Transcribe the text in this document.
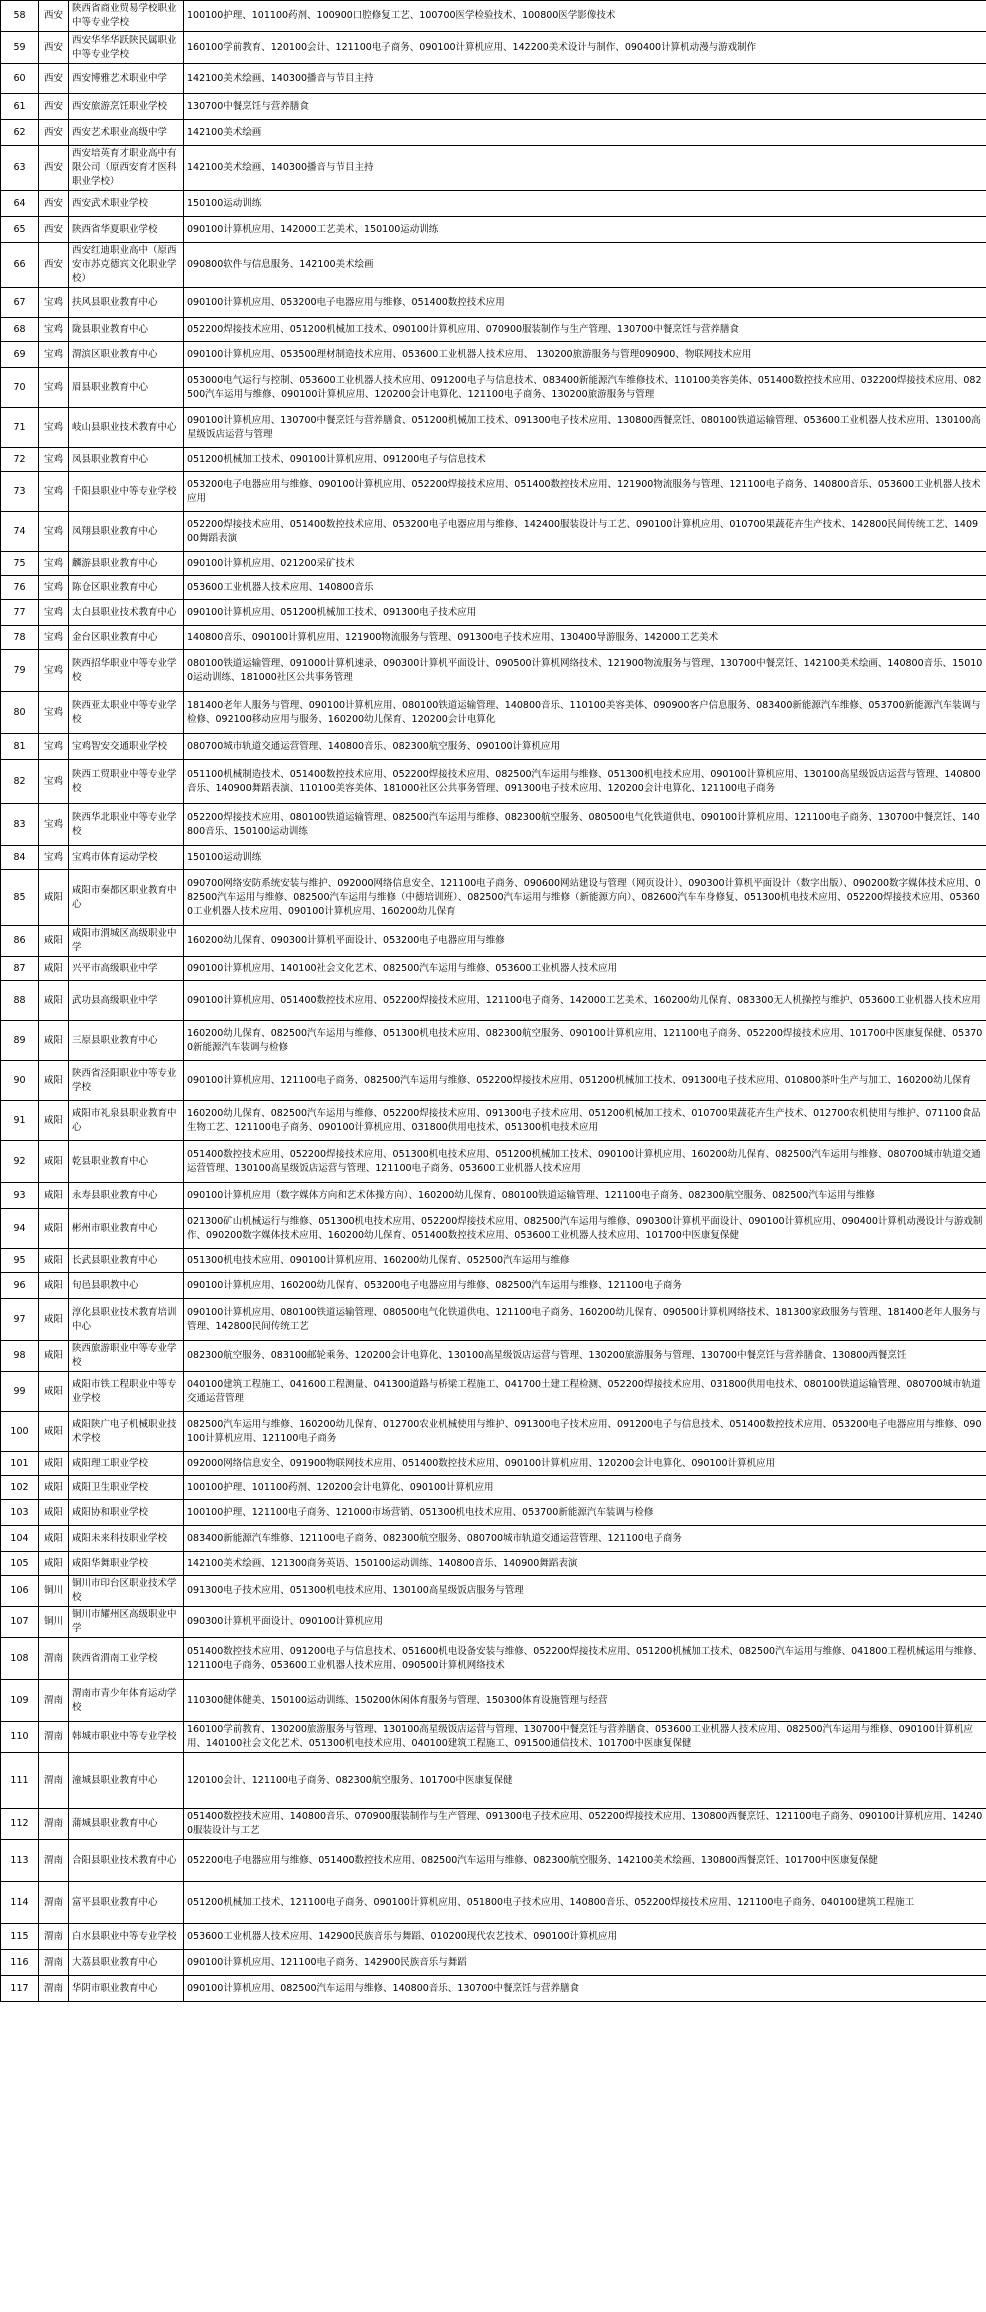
58	西安	陕西省商业贸易学校职业中等专业学校	100100护理、101100药剂、100900口腔修复工艺、100700医学检验技术、100800医学影像技术
59	西安	西安华华华跃陕民属职业中等专业学校	160100学前教育、120100会计、121100电子商务、090100计算机应用、142200美术设计与制作、090400计算机动漫与游戏制作
60	西安	西安博雅艺术职业中学	142100美术绘画、140300播音与节目主持
61	西安	西安旅游烹饪职业学校	130700中餐烹饪与营养膳食
62	西安	西安艺术职业高级中学	142100美术绘画
63	西安	西安培英育才职业高中有限公司（原西安育才医科职业学校）	142100美术绘画、140300播音与节目主持
64	西安	西安武术职业学校	150100运动训练
65	西安	陕西省华夏职业学校	090100计算机应用、142000工艺美术、150100运动训练
66	西安	西安红迪职业高中（原西安市苏克德宾文化职业学校）	090800软件与信息服务、142100美术绘画
67	宝鸡	扶风县职业教育中心	090100计算机应用、053200电子电器应用与维修、051400数控技术应用
68	宝鸡	陇县职业教育中心	052200焊接技术应用、051200机械加工技术、090100计算机应用、070900服装制作与生产管理、130700中餐烹饪与营养膳食
69	宝鸡	渭滨区职业教育中心	090100计算机应用、053500理材制造技术应用、053600工业机器人技术应用、 130200旅游服务与管理090900、物联网技术应用
70	宝鸡	眉县职业教育中心	053000电气运行与控制、053600工业机器人技术应用、091200电子与信息技术、083400新能源汽车维修技术、110100美容美体、051400数控技术应用、032200焊接技术应用、082500汽车运用与维修、090100计算机应用、120200会计电算化、121100电子商务、130200旅游服务与管理
71	宝鸡	岐山县职业技术教育中心	090100计算机应用、130700中餐烹饪与营养膳食、051200机械加工技术、091300电子技术应用、130800西餐烹饪、080100铁道运输管理、053600工业机器人技术应用、130100高星级饭店运营与管理
72	宝鸡	凤县职业教育中心	051200机械加工技术、090100计算机应用、091200电子与信息技术
73	宝鸡	千阳县职业中等专业学校	053200电子电器应用与维修、090100计算机应用、052200焊接技术应用、051400数控技术应用、121900物流服务与管理、121100电子商务、140800音乐、053600工业机器人技术应用
74	宝鸡	凤翔县职业教育中心	052200焊接技术应用、051400数控技术应用、053200电子电器应用与维修、142400服装设计与工艺、090100计算机应用、010700果蔬花卉生产技术、142800民间传统工艺、140900舞蹈表演
75	宝鸡	麟游县职业教育中心	090100计算机应用、021200采矿技术
76	宝鸡	陈仓区职业教育中心	053600工业机器人技术应用、140800音乐
77	宝鸡	太白县职业技术教育中心	090100计算机应用、051200机械加工技术、091300电子技术应用
78	宝鸡	金台区职业教育中心	140800音乐、090100计算机应用、121900物流服务与管理、091300电子技术应用、130400导游服务、142000工艺美术
79	宝鸡	陕西招华职业中等专业学校	080100铁道运输管理、091000计算机速录、090300计算机平面设计、090500计算机网络技术、121900物流服务与管理、130700中餐烹饪、142100美术绘画、140800音乐、150100运动训练、181000社区公共事务管理
80	宝鸡	陕西亚太职业中等专业学校	181400老年人服务与管理、090100计算机应用、080100铁道运输管理、140800音乐、110100美容美体、090900客户信息服务、083400新能源汽车维修、053700新能源汽车装调与检修、092100移动应用与服务、160200幼儿保育、120200会计电算化
81	宝鸡	宝鸡智安交通职业学校	080700城市轨道交通运营管理、140800音乐、082300航空服务、090100计算机应用
82	宝鸡	陕西工贸职业中等专业学校	051100机械制造技术、051400数控技术应用、052200焊接技术应用、082500汽车运用与维修、051300机电技术应用、090100计算机应用、130100高星级饭店运营与管理、140800音乐、140900舞蹈表演、110100美容美体、181000社区公共事务管理、091300电子技术应用、120200会计电算化、121100电子商务
83	宝鸡	陕西华北职业中等专业学校	052200焊接技术应用、080100铁道运输管理、082500汽车运用与维修、082300航空服务、080500电气化铁道供电、090100计算机应用、121100电子商务、130700中餐烹饪、140800音乐、150100运动训练
84	宝鸡	宝鸡市体育运动学校	150100运动训练
85	咸阳	咸阳市秦都区职业教育中心	090700网络安防系统安装与维护、092000网络信息安全、121100电子商务、090600网站建设与管理（网页设计）、090300计算机平面设计（数字出版）、090200数字媒体技术应用、082500汽车运用与维修、082500汽车运用与维修（中德培训班）、082500汽车运用与维修（新能源方向）、082600汽车车身修复、051300机电技术应用、052200焊接技术应用、053600工业机器人技术应用、090100计算机应用、160200幼儿保育
86	咸阳	咸阳市渭城区高级职业中学	160200幼儿保育、090300计算机平面设计、053200电子电器应用与维修
87	咸阳	兴平市高级职业中学	090100计算机应用、140100社会文化艺术、082500汽车运用与维修、053600工业机器人技术应用
88	咸阳	武功县高级职业中学	090100计算机应用、051400数控技术应用、052200焊接技术应用、121100电子商务、142000工艺美术、160200幼儿保育、083300无人机操控与维护、053600工业机器人技术应用
89	咸阳	三原县职业教育中心	160200幼儿保育、082500汽车运用与维修、051300机电技术应用、082300航空服务、090100计算机应用、121100电子商务、052200焊接技术应用、101700中医康复保健、053700新能源汽车装调与检修
90	咸阳	陕西省泾阳职业中等专业学校	090100计算机应用、121100电子商务、082500汽车运用与维修、052200焊接技术应用、051200机械加工技术、091300电子技术应用、010800茶叶生产与加工、160200幼儿保育
91	咸阳	咸阳市礼泉县职业教育中心	160200幼儿保育、082500汽车运用与维修、052200焊接技术应用、091300电子技术应用、051200机械加工技术、010700果蔬花卉生产技术、012700农机使用与维护、071100食品生物工艺、121100电子商务、090100计算机应用、031800供用电技术、051300机电技术应用
92	咸阳	乾县职业教育中心	051400数控技术应用、052200焊接技术应用、051300机电技术应用、051200机械加工技术、090100计算机应用、160200幼儿保育、082500汽车运用与维修、080700城市轨道交通运营管理、130100高星级饭店运营与管理、121100电子商务、053600工业机器人技术应用
93	咸阳	永寿县职业教育中心	090100计算机应用（数字媒体方向和艺术体操方向）、160200幼儿保育、080100铁道运输管理、121100电子商务、082300航空服务、082500汽车运用与维修
94	咸阳	彬州市职业教育中心	021300矿山机械运行与维修、051300机电技术应用、052200焊接技术应用、082500汽车运用与维修、090300计算机平面设计、090100计算机应用、090400计算机动漫设计与游戏制作、090200数字媒体技术应用、160200幼儿保育、051400数控技术应用、053600工业机器人技术应用、101700中医康复保健
95	咸阳	长武县职业教育中心	051300机电技术应用、090100计算机应用、160200幼儿保育、052500汽车运用与维修
96	咸阳	旬邑县职教中心	090100计算机应用、160200幼儿保育、053200电子电器应用与维修、082500汽车运用与维修、121100电子商务
97	咸阳	淳化县职业技术教育培训中心	090100计算机应用、080100铁道运输管理、080500电气化铁道供电、121100电子商务、160200幼儿保育、090500计算机网络技术、181300家政服务与管理、181400老年人服务与管理、142800民间传统工艺
98	咸阳	陕西旅游职业中等专业学校	082300航空服务、083100邮轮乘务、120200会计电算化、130100高星级饭店运营与管理、130200旅游服务与管理、130700中餐烹饪与营养膳食、130800西餐烹饪
99	咸阳	咸阳市铁工程职业中等专业学校	040100建筑工程施工、041600工程测量、041300道路与桥梁工程施工、041700土建工程检测、052200焊接技术应用、031800供用电技术、080100铁道运输管理、080700城市轨道交通运营管理
100	咸阳	咸阳陕广电子机械职业技术学校	082500汽车运用与维修、160200幼儿保育、012700农业机械使用与维护、091300电子技术应用、091200电子与信息技术、051400数控技术应用、053200电子电器应用与维修、090100计算机应用、121100电子商务
101	咸阳	咸阳理工职业学校	092000网络信息安全、091900物联网技术应用、051400数控技术应用、090100计算机应用、120200会计电算化、090100计算机应用
102	咸阳	咸阳卫生职业学校	100100护理、101100药剂、120200会计电算化、090100计算机应用
103	咸阳	咸阳协和职业学校	100100护理、121100电子商务、121000市场营销、051300机电技术应用、053700新能源汽车装调与检修
104	咸阳	咸阳未来科技职业学校	083400新能源汽车维修、121100电子商务、082300航空服务、080700城市轨道交通运营管理、121100电子商务
105	咸阳	咸阳华舞职业学校	142100美术绘画、121300商务英语、150100运动训练、140800音乐、140900舞蹈表演
106	铜川	铜川市印台区职业技术学校	091300电子技术应用、051300机电技术应用、130100高星级饭店服务与管理
107	铜川	铜川市耀州区高级职业中学	090300计算机平面设计、090100计算机应用
108	渭南	陕西省渭南工业学校	051400数控技术应用、091200电子与信息技术、051600机电设备安装与维修、052200焊接技术应用、051200机械加工技术、082500汽车运用与维修、041800工程机械运用与维修、121100电子商务、053600工业机器人技术应用、090500计算机网络技术
109	渭南	渭南市青少年体育运动学校	110300健体健美、150100运动训练、150200休闲体育服务与管理、150300体育设施管理与经营
110	渭南	韩城市职业中等专业学校	160100学前教育、130200旅游服务与管理、130100高星级饭店运营与管理、130700中餐烹饪与营养膳食、053600工业机器人技术应用、082500汽车运用与维修、090100计算机应用、140100社会文化艺术、051300机电技术应用、040100建筑工程施工、091500通信技术、101700中医康复保健
111	渭南	潼城县职业教育中心	120100会计、121100电子商务、082300航空服务、101700中医康复保健
112	渭南	蒲城县职业教育中心	051400数控技术应用、140800音乐、070900服装制作与生产管理、091300电子技术应用、052200焊接技术应用、130800西餐烹饪、121100电子商务、090100计算机应用、142400服装设计与工艺
113	渭南	合阳县职业技术教育中心	052200电子电器应用与维修、051400数控技术应用、082500汽车运用与维修、082300航空服务、142100美术绘画、130800西餐烹饪、101700中医康复保健
114	渭南	富平县职业教育中心	051200机械加工技术、121100电子商务、090100计算机应用、051800电子技术应用、140800音乐、052200焊接技术应用、121100电子商务、040100建筑工程施工
115	渭南	白水县职业中等专业学校	053600工业机器人技术应用、142900民族音乐与舞蹈、010200现代农艺技术、090100计算机应用
116	渭南	大荔县职业教育中心	090100计算机应用、121100电子商务、142900民族音乐与舞蹈
117	渭南	华阴市职业教育中心	090100计算机应用、082500汽车运用与维修、140800音乐、130700中餐烹饪与营养膳食
